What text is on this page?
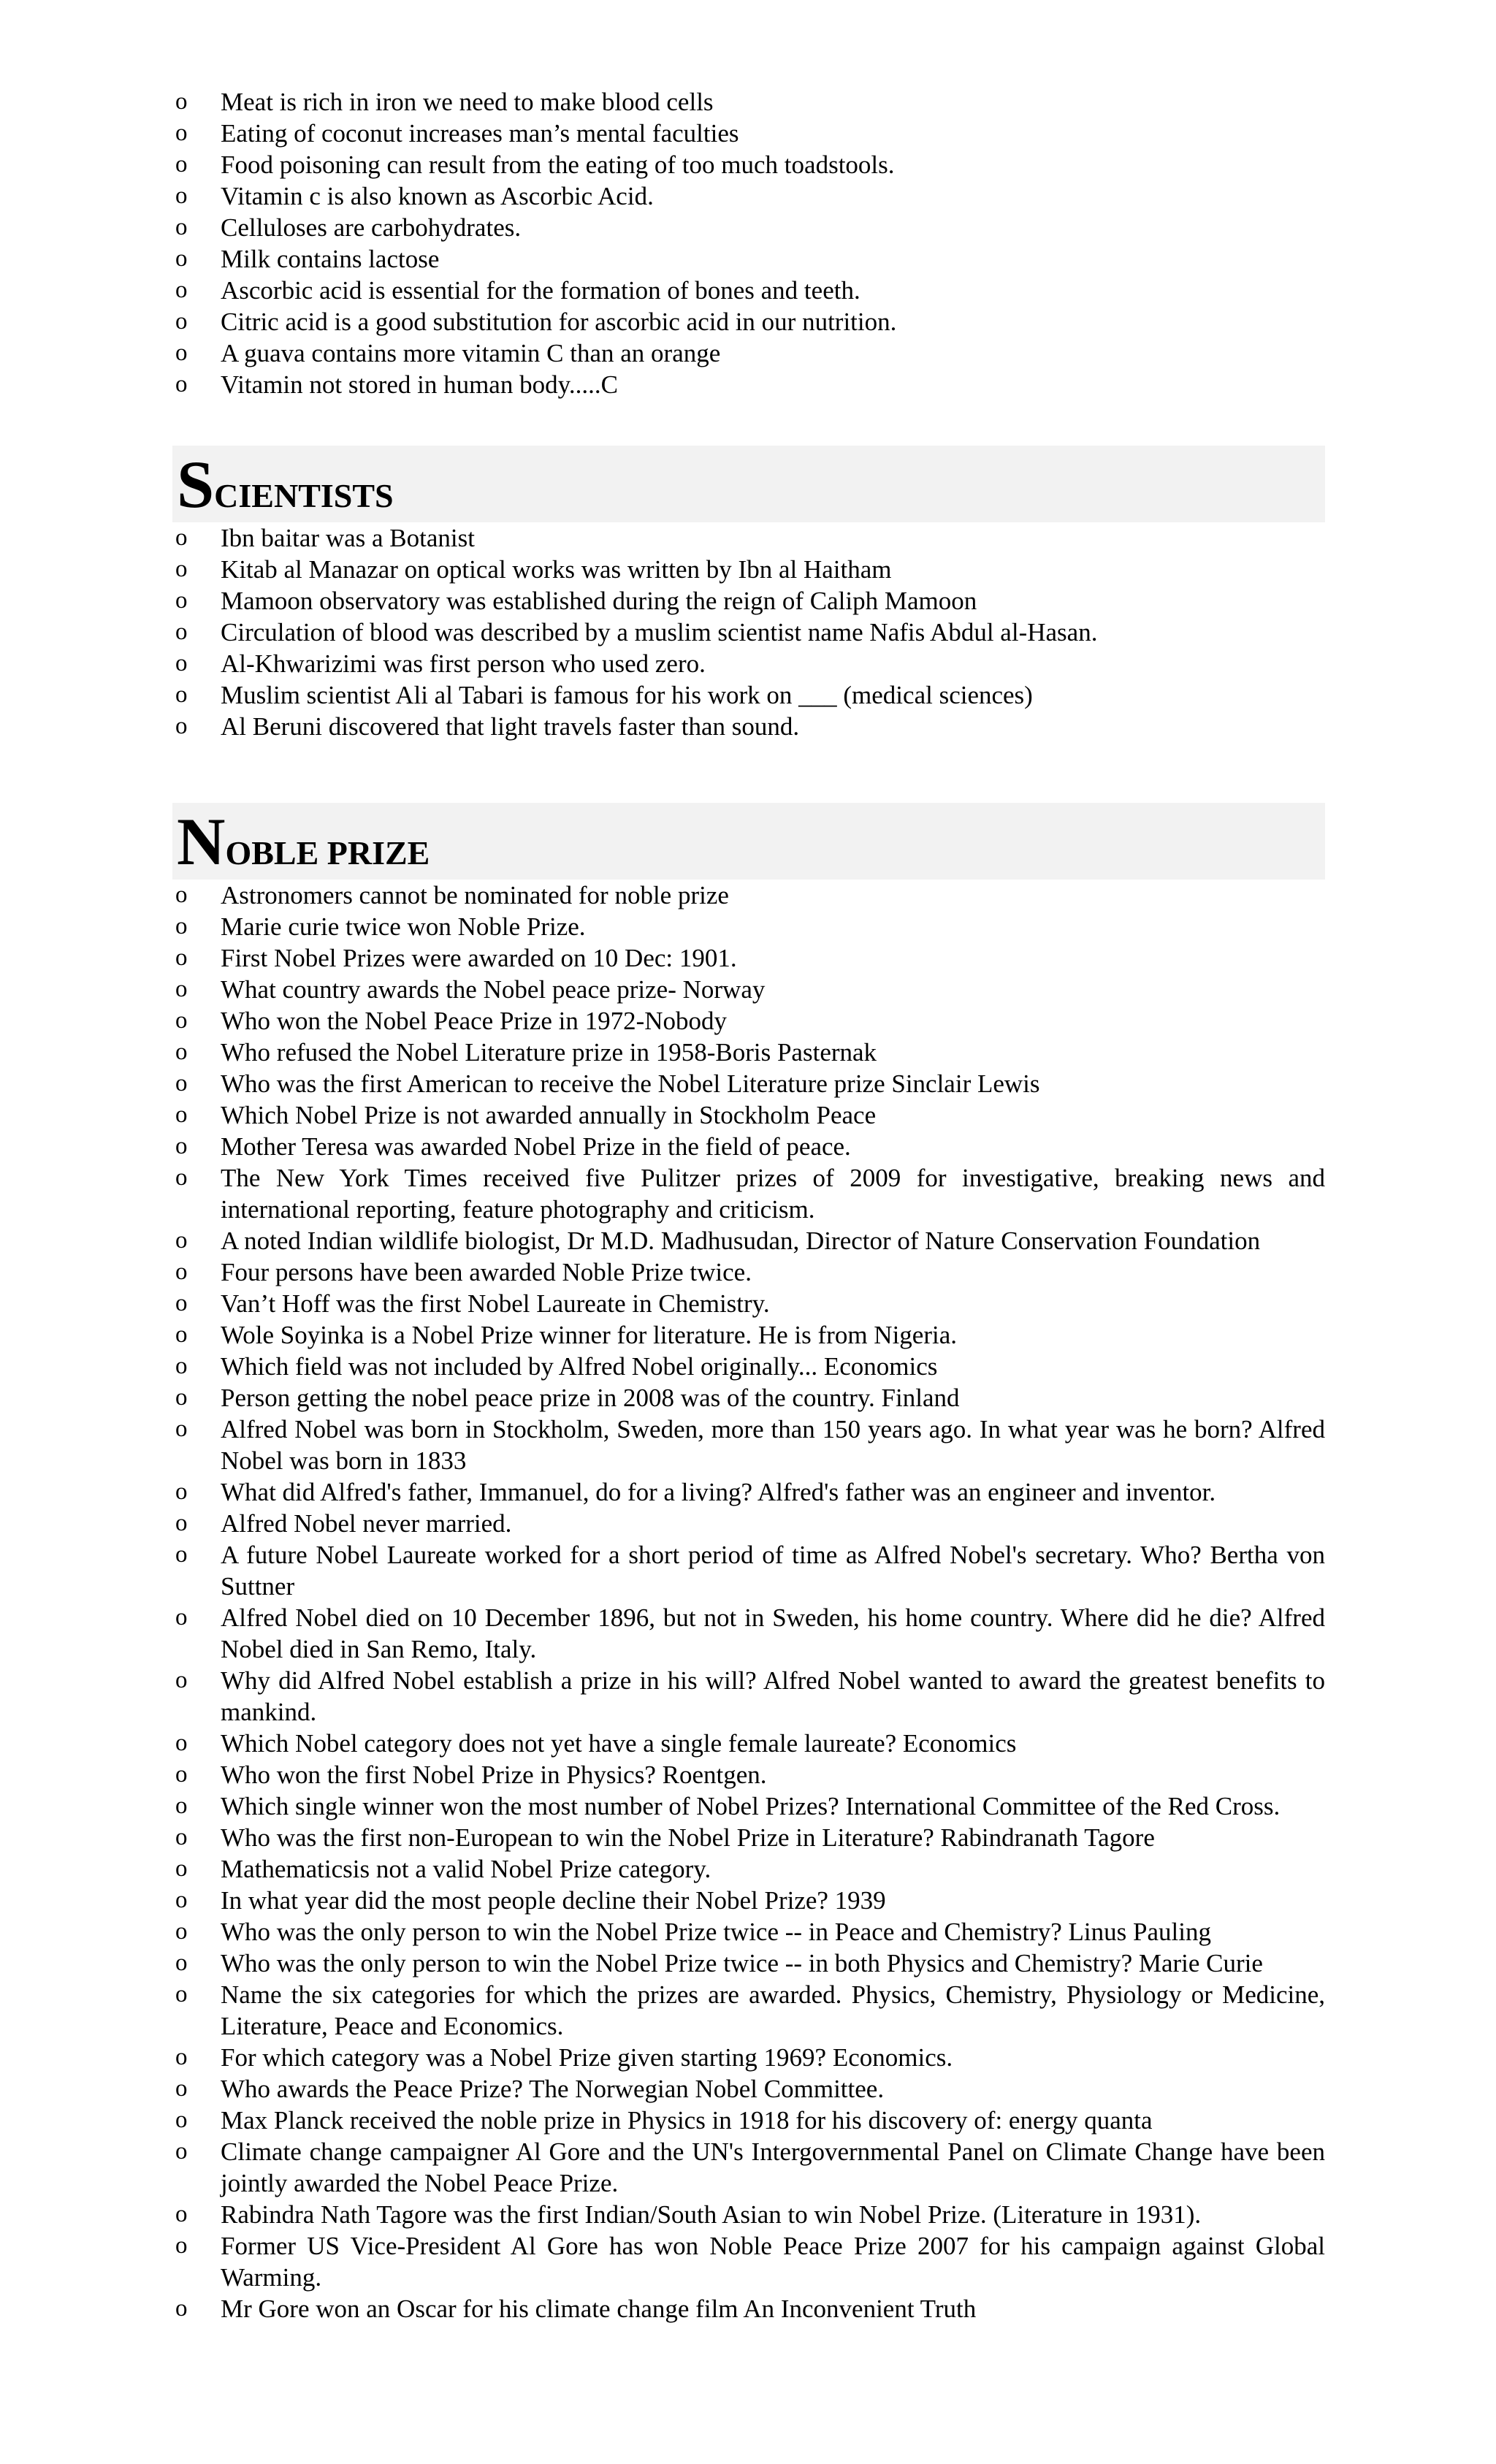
o	Meat is rich in iron we need to make blood cells
o	Eating of coconut increases man’s mental faculties
o	Food poisoning can result from the eating of too much toadstools.
o	Vitamin c is also known as Ascorbic Acid.
o	Celluloses are carbohydrates.
o	Milk contains lactose
o	Ascorbic acid is essential for the formation of bones and teeth.
o	Citric acid is a good substitution for ascorbic acid in our nutrition.
o	A guava contains more vitamin C than an orange
o	Vitamin not stored in human body.....C
SCIENTISTS
o	Ibn baitar was a Botanist
o	Kitab al Manazar on optical works was written by Ibn al Haitham
o	Mamoon observatory was established during the reign of Caliph Mamoon
o	Circulation of blood was described by a muslim scientist name Nafis Abdul al-Hasan.
o	Al-Khwarizimi was first person who used zero.
o	Muslim scientist Ali al Tabari is famous for his work on ___ (medical sciences)
o	Al Beruni discovered that light travels faster than sound.
NOBLE PRIZE
o	Astronomers cannot be nominated for noble prize
o	Marie curie twice won Noble Prize.
o	First Nobel Prizes were awarded on 10 Dec: 1901.
o	What country awards the Nobel peace prize- Norway
o	Who won the Nobel Peace Prize in 1972-Nobody
o	Who refused the Nobel Literature prize in 1958-Boris Pasternak
o	Who was the first American to receive the Nobel Literature prize Sinclair Lewis
o	Which Nobel Prize is not awarded annually in Stockholm Peace
o	Mother Teresa was awarded Nobel Prize in the field of peace.
o	The New York Times received five Pulitzer prizes of 2009 for investigative, breaking news and international reporting, feature photography and criticism.
o	A noted Indian wildlife biologist, Dr M.D. Madhusudan, Director of Nature Conservation Foundation
o	Four persons have been awarded Noble Prize twice.
o	Van’t Hoff was the first Nobel Laureate in Chemistry.
o	Wole Soyinka is a Nobel Prize winner for literature. He is from Nigeria.
o	Which field was not included by Alfred Nobel originally... Economics
o	Person getting the nobel peace prize in 2008 was of the country. Finland
o	Alfred Nobel was born in Stockholm, Sweden, more than 150 years ago. In what year was he born? Alfred Nobel was born in 1833
o	What did Alfred's father, Immanuel, do for a living? Alfred's father was an engineer and inventor.
o	Alfred Nobel never married.
o	A future Nobel Laureate worked for a short period of time as Alfred Nobel's secretary. Who? Bertha von Suttner
o	Alfred Nobel died on 10 December 1896, but not in Sweden, his home country. Where did he die? Alfred Nobel died in San Remo, Italy.
o	Why did Alfred Nobel establish a prize in his will? Alfred Nobel wanted to award the greatest benefits to mankind.
o	Which Nobel category does not yet have a single female laureate? Economics
o	Who won the first Nobel Prize in Physics? Roentgen.
o	Which single winner won the most number of Nobel Prizes? International Committee of the Red Cross.
o	Who was the first non-European to win the Nobel Prize in Literature? Rabindranath Tagore
o	Mathematicsis not a valid Nobel Prize category.
o	In what year did the most people decline their Nobel Prize? 1939
o	Who was the only person to win the Nobel Prize twice -- in Peace and Chemistry? Linus Pauling
o	Who was the only person to win the Nobel Prize twice -- in both Physics and Chemistry? Marie Curie
o	Name the six categories for which the prizes are awarded. Physics, Chemistry, Physiology or Medicine, Literature, Peace and Economics.
o	For which category was a Nobel Prize given starting 1969? Economics.
o	Who awards the Peace Prize? The Norwegian Nobel Committee.
o	Max Planck received the noble prize in Physics in 1918 for his discovery of: energy quanta
o	Climate change campaigner Al Gore and the UN's Intergovernmental Panel on Climate Change have been jointly awarded the Nobel Peace Prize.
o	Rabindra Nath Tagore was the first Indian/South Asian to win Nobel Prize. (Literature in 1931).
o	Former US Vice-President Al Gore has won Noble Peace Prize 2007 for his campaign against Global Warming.
o	Mr Gore won an Oscar for his climate change film An Inconvenient Truth
